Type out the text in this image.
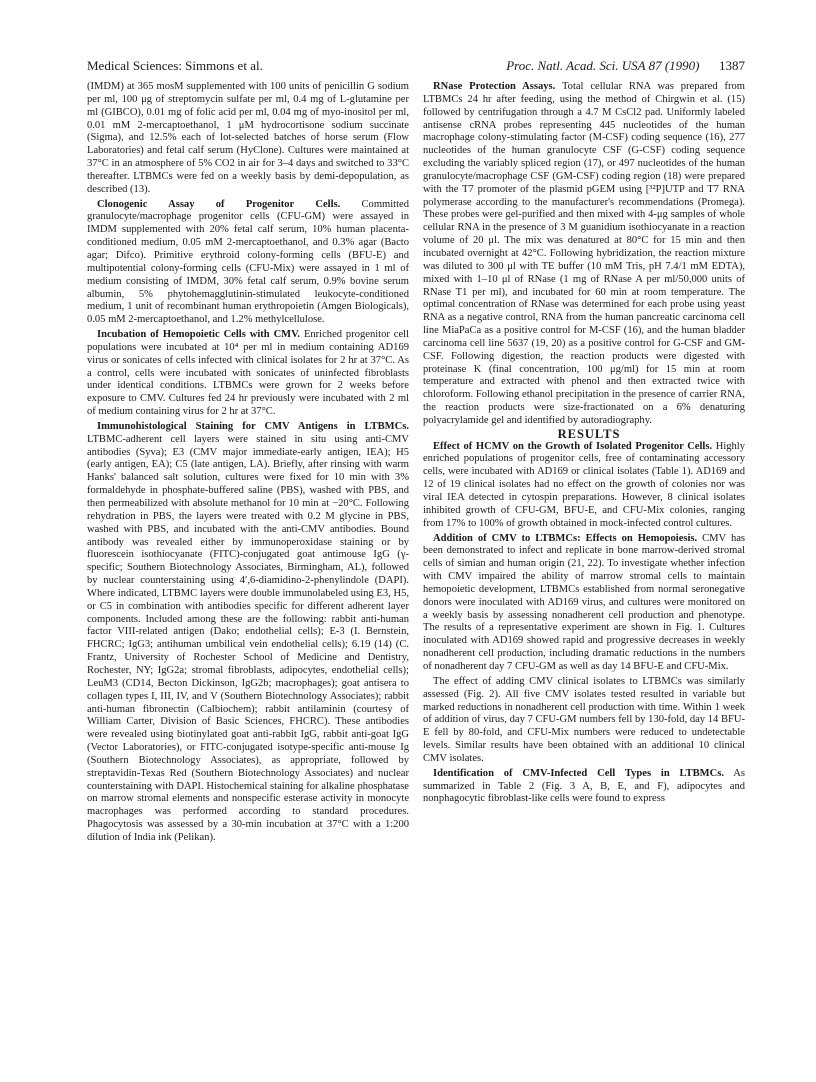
Medical Sciences: Simmons et al.	Proc. Natl. Acad. Sci. USA 87 (1990) 1387

(IMDM) at 365 mosM supplemented with 100 units of penicillin G sodium per ml, 100 μg of streptomycin sulfate per ml, 0.4 mg of L-glutamine per ml (GIBCO), 0.01 mg of folic acid per ml, 0.04 mg of myo-inositol per ml, 0.01 mM 2-mercaptoethanol, 1 μM hydrocortisone sodium succinate (Sigma), and 12.5% each of lot-selected batches of horse serum (Flow Laboratories) and fetal calf serum (HyClone). Cultures were maintained at 37°C in an atmosphere of 5% CO2 in air for 3–4 days and switched to 33°C thereafter. LTBMCs were fed on a weekly basis by demi-depopulation, as described (13).

Clonogenic Assay of Progenitor Cells. Committed granulocyte/macrophage progenitor cells (CFU-GM) were assayed in IMDM supplemented with 20% fetal calf serum, 10% human placenta-conditioned medium, 0.05 mM 2-mercaptoethanol, and 0.3% agar (Bacto agar; Difco). Primitive erythroid colony-forming cells (BFU-E) and multipotential colony-forming cells (CFU-Mix) were assayed in 1 ml of medium consisting of IMDM, 30% fetal calf serum, 0.9% bovine serum albumin, 5% phytohemagglutinin-stimulated leukocyte-conditioned medium, 1 unit of recombinant human erythropoietin (Amgen Biologicals), 0.05 mM 2-mercaptoethanol, and 1.2% methylcellulose.

Incubation of Hemopoietic Cells with CMV. Enriched progenitor cell populations were incubated at 10⁴ per ml in medium containing AD169 virus or sonicates of cells infected with clinical isolates for 2 hr at 37°C. As a control, cells were incubated with sonicates of uninfected fibroblasts under identical conditions. LTBMCs were grown for 2 weeks before exposure to CMV. Cultures fed 24 hr previously were incubated with 2 ml of medium containing virus for 2 hr at 37°C.

Immunohistological Staining for CMV Antigens in LTBMCs. LTBMC-adherent cell layers were stained in situ using anti-CMV antibodies (Syva); E3 (CMV major immediate-early antigen, IEA); H5 (early antigen, EA); C5 (late antigen, LA). Briefly, after rinsing with warm Hanks' balanced salt solution, cultures were fixed for 10 min with 3% formaldehyde in phosphate-buffered saline (PBS), washed with PBS, and then permeabilized with absolute methanol for 10 min at −20°C. Following rehydration in PBS, the layers were treated with 0.2 M glycine in PBS, washed with PBS, and incubated with the anti-CMV antibodies. Bound antibody was revealed either by immunoperoxidase staining or by fluorescein isothiocyanate (FITC)-conjugated goat antimouse IgG (γ-specific; Southern Biotechnology Associates, Birmingham, AL), followed by nuclear counterstaining using 4′,6-diamidino-2-phenylindole (DAPI). Where indicated, LTBMC layers were double immunolabeled using E3, H5, or C5 in combination with antibodies specific for different adherent layer components. Included among these are the following: rabbit anti-human factor VIII-related antigen (Dako; endothelial cells); E-3 (I. Bernstein, FHCRC; IgG3; antihuman umbilical vein endothelial cells); 6.19 (14) (C. Frantz, University of Rochester School of Medicine and Dentistry, Rochester, NY; IgG2a; stromal fibroblasts, adipocytes, endothelial cells); LeuM3 (CD14, Becton Dickinson, IgG2b; macrophages); goat antisera to collagen types I, III, IV, and V (Southern Biotechnology Associates); rabbit anti-human fibronectin (Calbiochem); rabbit antilaminin (courtesy of William Carter, Division of Basic Sciences, FHCRC). These antibodies were revealed using biotinylated goat anti-rabbit IgG, rabbit anti-goat IgG (Vector Laboratories), or FITC-conjugated isotype-specific anti-mouse Ig (Southern Biotechnology Associates), as appropriate, followed by streptavidin-Texas Red (Southern Biotechnology Associates) and nuclear counterstaining with DAPI. Histochemical staining for alkaline phosphatase on marrow stromal elements and nonspecific esterase activity in monocyte macrophages was performed according to standard procedures. Phagocytosis was assessed by a 30-min incubation at 37°C with a 1:200 dilution of India ink (Pelikan).

RNase Protection Assays. Total cellular RNA was prepared from LTBMCs 24 hr after feeding, using the method of Chirgwin et al. (15) followed by centrifugation through a 4.7 M CsCl2 pad. Uniformly labeled antisense cRNA probes representing 445 nucleotides of the human macrophage colony-stimulating factor (M-CSF) coding sequence (16), 277 nucleotides of the human granulocyte CSF (G-CSF) coding sequence excluding the variably spliced region (17), or 497 nucleotides of the human granulocyte/macrophage CSF (GM-CSF) coding region (18) were prepared with the T7 promoter of the plasmid pGEM using [³²P]UTP and T7 RNA polymerase according to the manufacturer's recommendations (Promega). These probes were gel-purified and then mixed with 4-μg samples of whole cellular RNA in the presence of 3 M guanidium isothiocyanate in a reaction volume of 20 μl. The mix was denatured at 80°C for 15 min and then incubated overnight at 42°C. Following hybridization, the reaction mixture was diluted to 300 μl with TE buffer (10 mM Tris, pH 7.4/1 mM EDTA), mixed with 1–10 μl of RNase (1 mg of RNase A per ml/50,000 units of RNase T1 per ml), and incubated for 60 min at room temperature. The optimal concentration of RNase was determined for each probe using yeast RNA as a negative control, RNA from the human pancreatic carcinoma cell line MiaPaCa as a positive control for M-CSF (16), and the human bladder carcinoma cell line 5637 (19, 20) as a positive control for G-CSF and GM-CSF. Following digestion, the reaction products were digested with proteinase K (final concentration, 100 μg/ml) for 15 min at room temperature and extracted with phenol and then extracted twice with chloroform. Following ethanol precipitation in the presence of carrier RNA, the reaction products were size-fractionated on a 6% denaturing polyacrylamide gel and identified by autoradiography.

RESULTS

Effect of HCMV on the Growth of Isolated Progenitor Cells. Highly enriched populations of progenitor cells, free of contaminating accessory cells, were incubated with AD169 or clinical isolates (Table 1). AD169 and 12 of 19 clinical isolates had no effect on the growth of colonies nor was viral IEA detected in cytospin preparations. However, 8 clinical isolates inhibited growth of CFU-GM, BFU-E, and CFU-Mix colonies, ranging from 17% to 100% of growth obtained in mock-infected control cultures.

Addition of CMV to LTBMCs: Effects on Hemopoiesis. CMV has been demonstrated to infect and replicate in bone marrow-derived stromal cells of simian and human origin (21, 22). To investigate whether infection with CMV impaired the ability of marrow stromal cells to maintain hemopoietic development, LTBMCs established from normal seronegative donors were inoculated with AD169 virus, and cultures were monitored on a weekly basis by assessing nonadherent cell production and phenotype. The results of a representative experiment are shown in Fig. 1. Cultures inoculated with AD169 showed rapid and progressive decreases in weekly nonadherent cell production, including dramatic reductions in the numbers of nonadherent day 7 CFU-GM as well as day 14 BFU-E and CFU-Mix.

The effect of adding CMV clinical isolates to LTBMCs was similarly assessed (Fig. 2). All five CMV isolates tested resulted in variable but marked reductions in nonadherent cell production with time. Within 1 week of addition of virus, day 7 CFU-GM numbers fell by 130-fold, day 14 BFU-E fell by 80-fold, and CFU-Mix numbers were reduced to undetectable levels. Similar results have been obtained with an additional 10 clinical CMV isolates.

Identification of CMV-Infected Cell Types in LTBMCs. As summarized in Table 2 (Fig. 3 A, B, E, and F), adipocytes and nonphagocytic fibroblast-like cells were found to express
